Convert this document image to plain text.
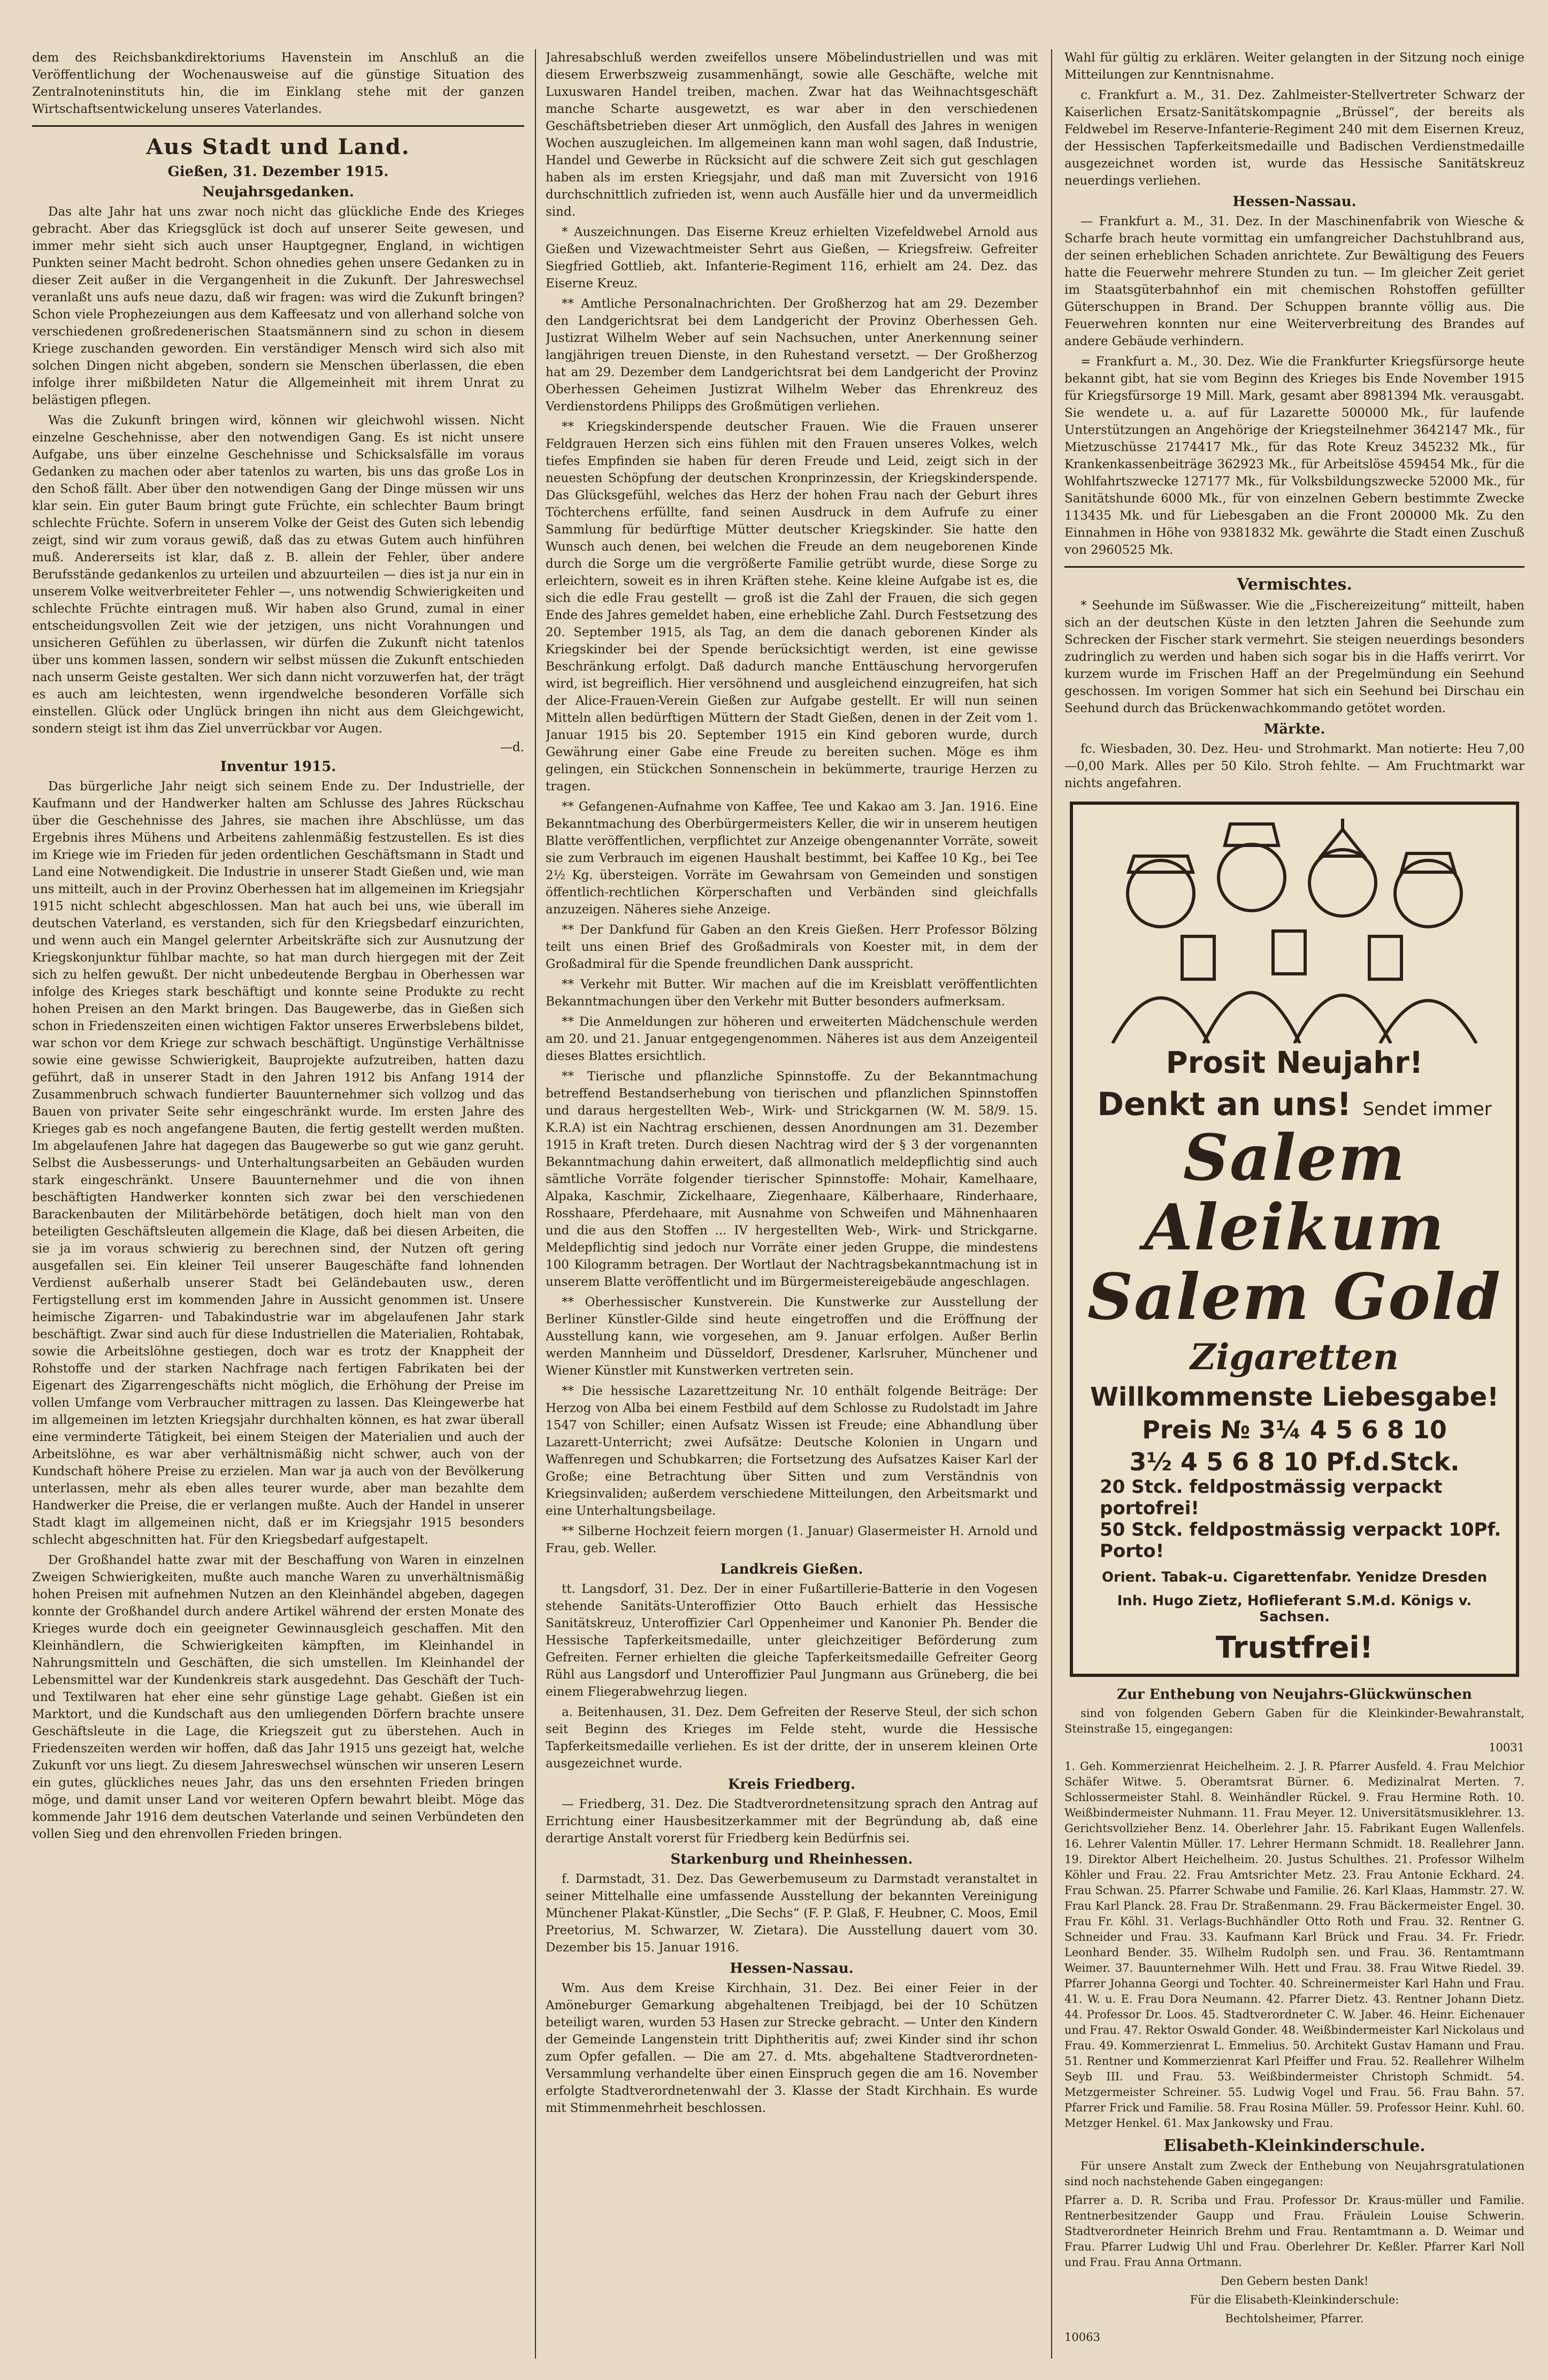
dem des Reichsbankdirektoriums Havenstein im Anschluß an die Veröffentlichung der Wochenausweise auf die günstige Situation des Zentralnoteninstituts hin, die im Einklang stehe mit der ganzen Wirtschaftsentwickelung unseres Vaterlandes.

Aus Stadt und Land.
Gießen, 31. Dezember 1915.
Neujahrsgedanken.

Das alte Jahr hat uns zwar noch nicht das glückliche Ende des Krieges gebracht. Aber das Kriegsglück ist doch auf unserer Seite gewesen, und immer mehr sieht sich auch unser Hauptgegner, England, in wichtigen Punkten seiner Macht bedroht. Schon ohnedies gehen unsere Gedanken zu in dieser Zeit außer in die Vergangenheit in die Zukunft. Der Jahreswechsel veranlaßt uns aufs neue dazu, daß wir fragen: was wird die Zukunft bringen? Schon viele Prophezeiungen aus dem Kaffeesatz und von allerhand solche von verschiedenen großredenerischen Staatsmännern sind zu schon in diesem Kriege zuschanden geworden. Ein verständiger Mensch wird sich also mit solchen Dingen nicht abgeben, sondern sie Menschen überlassen, die eben infolge ihrer mißbildeten Natur die Allgemeinheit mit ihrem Unrat zu belästigen pflegen.

Was die Zukunft bringen wird, können wir gleichwohl wissen. Nicht einzelne Geschehnisse, aber den notwendigen Gang. Es ist nicht unsere Aufgabe, uns über einzelne Geschehnisse und Schicksalsfälle im voraus Gedanken zu machen oder aber tatenlos zu warten, bis uns das große Los in den Schoß fällt. Aber über den notwendigen Gang der Dinge müssen wir uns klar sein. Ein guter Baum bringt gute Früchte, ein schlechter Baum bringt schlechte Früchte. Sofern in unserem Volke der Geist des Guten sich lebendig zeigt, sind wir zum voraus gewiß, daß das zu etwas Gutem auch hinführen muß. Andererseits ist klar, daß z. B. allein der Fehler, über andere Berufsstände gedankenlos zu urteilen und abzuurteilen — dies ist ja nur ein in unserem Volke weitverbreiteter Fehler —, uns notwendig Schwierigkeiten und schlechte Früchte eintragen muß. Wir haben also Grund, zumal in einer entscheidungsvollen Zeit wie der jetzigen, uns nicht Vorahnungen und unsicheren Gefühlen zu überlassen, wir dürfen die Zukunft nicht tatenlos über uns kommen lassen, sondern wir selbst müssen die Zukunft entschieden nach unserm Geiste gestalten. Wer sich dann nicht vorzuwerfen hat, der trägt es auch am leichtesten, wenn irgendwelche besonderen Vorfälle sich einstellen. Glück oder Unglück bringen ihn nicht aus dem Gleichgewicht, sondern steigt ist ihm das Ziel unverrückbar vor Augen.

—d.
Inventur 1915.

Das bürgerliche Jahr neigt sich seinem Ende zu. Der Industrielle, der Kaufmann und der Handwerker halten am Schlusse des Jahres Rückschau über die Geschehnisse des Jahres, sie machen ihre Abschlüsse, um das Ergebnis ihres Mühens und Arbeitens zahlenmäßig festzustellen. Es ist dies im Kriege wie im Frieden für jeden ordentlichen Geschäftsmann in Stadt und Land eine Notwendigkeit. Die Industrie in unserer Stadt Gießen und, wie man uns mitteilt, auch in der Provinz Oberhessen hat im allgemeinen im Kriegsjahr 1915 nicht schlecht abgeschlossen. Man hat auch bei uns, wie überall im deutschen Vaterland, es verstanden, sich für den Kriegsbedarf einzurichten, und wenn auch ein Mangel gelernter Arbeitskräfte sich zur Ausnutzung der Kriegskonjunktur fühlbar machte, so hat man durch hiergegen mit der Zeit sich zu helfen gewußt. Der nicht unbedeutende Bergbau in Oberhessen war infolge des Krieges stark beschäftigt und konnte seine Produkte zu recht hohen Preisen an den Markt bringen. Das Baugewerbe, das in Gießen sich schon in Friedenszeiten einen wichtigen Faktor unseres Erwerbslebens bildet, war schon vor dem Kriege zur schwach beschäftigt. Ungünstige Verhältnisse sowie eine gewisse Schwierigkeit, Bauprojekte aufzutreiben, hatten dazu geführt, daß in unserer Stadt in den Jahren 1912 bis Anfang 1914 der Zusammenbruch schwach fundierter Bauunternehmer sich vollzog und das Bauen von privater Seite sehr eingeschränkt wurde. Im ersten Jahre des Krieges gab es noch angefangene Bauten, die fertig gestellt werden mußten. Im abgelaufenen Jahre hat dagegen das Baugewerbe so gut wie ganz geruht. Selbst die Ausbesserungs- und Unterhaltungsarbeiten an Gebäuden wurden stark eingeschränkt. Unsere Bauunternehmer und die von ihnen beschäftigten Handwerker konnten sich zwar bei den verschiedenen Barackenbauten der Militärbehörde betätigen, doch hielt man von den beteiligten Geschäftsleuten allgemein die Klage, daß bei diesen Arbeiten, die sie ja im voraus schwierig zu berechnen sind, der Nutzen oft gering ausgefallen sei. Ein kleiner Teil unserer Baugeschäfte fand lohnenden Verdienst außerhalb unserer Stadt bei Geländebauten usw., deren Fertigstellung erst im kommenden Jahre in Aussicht genommen ist. Unsere heimische Zigarren- und Tabakindustrie war im abgelaufenen Jahr stark beschäftigt. Zwar sind auch für diese Industriellen die Materialien, Rohtabak, sowie die Arbeitslöhne gestiegen, doch war es trotz der Knappheit der Rohstoffe und der starken Nachfrage nach fertigen Fabrikaten bei der Eigenart des Zigarrengeschäfts nicht möglich, die Erhöhung der Preise im vollen Umfange vom Verbraucher mittragen zu lassen. Das Kleingewerbe hat im allgemeinen im letzten Kriegsjahr durchhalten können, es hat zwar überall eine verminderte Tätigkeit, bei einem Steigen der Materialien und auch der Arbeitslöhne, es war aber verhältnismäßig nicht schwer, auch von der Kundschaft höhere Preise zu erzielen. Man war ja auch von der Bevölkerung unterlassen, mehr als eben alles teurer wurde, aber man bezahlte dem Handwerker die Preise, die er verlangen mußte. Auch der Handel in unserer Stadt klagt im allgemeinen nicht, daß er im Kriegsjahr 1915 besonders schlecht abgeschnitten hat. Für den Kriegsbedarf aufgestapelt.

Der Großhandel hatte zwar mit der Beschaffung von Waren in einzelnen Zweigen Schwierigkeiten, mußte auch manche Waren zu unverhältnismäßig hohen Preisen mit aufnehmen Nutzen an den Kleinhändel abgeben, dagegen konnte der Großhandel durch andere Artikel während der ersten Monate des Krieges wurde doch ein geeigneter Gewinnausgleich geschaffen. Mit den Kleinhändlern, die Schwierigkeiten kämpften, im Kleinhandel in Nahrungsmitteln und Geschäften, die sich umstellen. Im Kleinhandel der Lebensmittel war der Kundenkreis stark ausgedehnt. Das Geschäft der Tuch- und Textilwaren hat eher eine sehr günstige Lage gehabt. Gießen ist ein Marktort, und die Kundschaft aus den umliegenden Dörfern brachte unsere Geschäftsleute in die Lage, die Kriegszeit gut zu überstehen. Auch in Friedenszeiten werden wir hoffen, daß das Jahr 1915 uns gezeigt hat, welche Zukunft vor uns liegt. Zu diesem Jahreswechsel wünschen wir unseren Lesern ein gutes, glückliches neues Jahr, das uns den ersehnten Frieden bringen möge, und damit unser Land vor weiteren Opfern bewahrt bleibt. Möge das kommende Jahr 1916 dem deutschen Vaterlande und seinen Verbündeten den vollen Sieg und den ehrenvollen Frieden bringen.

Jahresabschluß werden zweifellos unsere Möbelindustriellen und was mit diesem Erwerbszweig zusammenhängt, sowie alle Geschäfte, welche mit Luxuswaren Handel treiben, machen. Zwar hat das Weihnachtsgeschäft manche Scharte ausgewetzt, es war aber in den verschiedenen Geschäftsbetrieben dieser Art unmöglich, den Ausfall des Jahres in wenigen Wochen auszugleichen. Im allgemeinen kann man wohl sagen, daß Industrie, Handel und Gewerbe in Rücksicht auf die schwere Zeit sich gut geschlagen haben als im ersten Kriegsjahr, und daß man mit Zuversicht von 1916 durchschnittlich zufrieden ist, wenn auch Ausfälle hier und da unvermeidlich sind.

* Auszeichnungen. Das Eiserne Kreuz erhielten Vizefeldwebel Arnold aus Gießen und Vizewachtmeister Sehrt aus Gießen, — Kriegsfreiw. Gefreiter Siegfried Gottlieb, akt. Infanterie-Regiment 116, erhielt am 24. Dez. das Eiserne Kreuz.

** Amtliche Personalnachrichten. Der Großherzog hat am 29. Dezember den Landgerichtsrat bei dem Landgericht der Provinz Oberhessen Geh. Justizrat Wilhelm Weber auf sein Nachsuchen, unter Anerkennung seiner langjährigen treuen Dienste, in den Ruhestand versetzt. — Der Großherzog hat am 29. Dezember dem Landgerichtsrat bei dem Landgericht der Provinz Oberhessen Geheimen Justizrat Wilhelm Weber das Ehrenkreuz des Verdienstordens Philipps des Großmütigen verliehen.

** Kriegskinderspende deutscher Frauen. Wie die Frauen unserer Feldgrauen Herzen sich eins fühlen mit den Frauen unseres Volkes, welch tiefes Empfinden sie haben für deren Freude und Leid, zeigt sich in der neuesten Schöpfung der deutschen Kronprinzessin, der Kriegskinderspende. Das Glücksgefühl, welches das Herz der hohen Frau nach der Geburt ihres Töchterchens erfüllte, fand seinen Ausdruck in dem Aufrufe zu einer Sammlung für bedürftige Mütter deutscher Kriegskinder. Sie hatte den Wunsch auch denen, bei welchen die Freude an dem neugeborenen Kinde durch die Sorge um die vergrößerte Familie getrübt wurde, diese Sorge zu erleichtern, soweit es in ihren Kräften stehe. Keine kleine Aufgabe ist es, die sich die edle Frau gestellt — groß ist die Zahl der Frauen, die sich gegen Ende des Jahres gemeldet haben, eine erhebliche Zahl. Durch Festsetzung des 20. September 1915, als Tag, an dem die danach geborenen Kinder als Kriegskinder bei der Spende berücksichtigt werden, ist eine gewisse Beschränkung erfolgt. Daß dadurch manche Enttäuschung hervorgerufen wird, ist begreiflich. Hier versöhnend und ausgleichend einzugreifen, hat sich der Alice-Frauen-Verein Gießen zur Aufgabe gestellt. Er will nun seinen Mitteln allen bedürftigen Müttern der Stadt Gießen, denen in der Zeit vom 1. Januar 1915 bis 20. September 1915 ein Kind geboren wurde, durch Gewährung einer Gabe eine Freude zu bereiten suchen. Möge es ihm gelingen, ein Stückchen Sonnenschein in bekümmerte, traurige Herzen zu tragen.

** Gefangenen-Aufnahme von Kaffee, Tee und Kakao am 3. Jan. 1916. Eine Bekanntmachung des Oberbürgermeisters Keller, die wir in unserem heutigen Blatte veröffentlichen, verpflichtet zur Anzeige obengenannter Vorräte, soweit sie zum Verbrauch im eigenen Haushalt bestimmt, bei Kaffee 10 Kg., bei Tee 2½ Kg. übersteigen. Vorräte im Gewahrsam von Gemeinden und sonstigen öffentlich-rechtlichen Körperschaften und Verbänden sind gleichfalls anzuzeigen. Näheres siehe Anzeige.

** Der Dankfund für Gaben an den Kreis Gießen. Herr Professor Bölzing teilt uns einen Brief des Großadmirals von Koester mit, in dem der Großadmiral für die Spende freundlichen Dank ausspricht.

** Verkehr mit Butter. Wir machen auf die im Kreisblatt veröffentlichten Bekanntmachungen über den Verkehr mit Butter besonders aufmerksam.

** Die Anmeldungen zur höheren und erweiterten Mädchenschule werden am 20. und 21. Januar entgegengenommen. Näheres ist aus dem Anzeigenteil dieses Blattes ersichtlich.

** Tierische und pflanzliche Spinnstoffe. Zu der Bekanntmachung betreffend Bestandserhebung von tierischen und pflanzlichen Spinnstoffen und daraus hergestellten Web-, Wirk- und Strickgarnen (W. M. 58/9. 15. K.R.A) ist ein Nachtrag erschienen, dessen Anordnungen am 31. Dezember 1915 in Kraft treten. Durch diesen Nachtrag wird der § 3 der vorgenannten Bekanntmachung dahin erweitert, daß allmonatlich meldepflichtig sind auch sämtliche Vorräte folgender tierischer Spinnstoffe: Mohair, Kamelhaare, Alpaka, Kaschmir, Zickelhaare, Ziegenhaare, Kälberhaare, Rinderhaare, Rosshaare, Pferdehaare, mit Ausnahme von Schweifen und Mähnenhaaren und die aus den Stoffen ... IV hergestellten Web-, Wirk- und Strickgarne. Meldepflichtig sind jedoch nur Vorräte einer jeden Gruppe, die mindestens 100 Kilogramm betragen. Der Wortlaut der Nachtragsbekanntmachung ist in unserem Blatte veröffentlicht und im Bürgermeistereigebäude angeschlagen.

** Oberhessischer Kunstverein. Die Kunstwerke zur Ausstellung der Berliner Künstler-Gilde sind heute eingetroffen und die Eröffnung der Ausstellung kann, wie vorgesehen, am 9. Januar erfolgen. Außer Berlin werden Mannheim und Düsseldorf, Dresdener, Karlsruher, Münchener und Wiener Künstler mit Kunstwerken vertreten sein.

** Die hessische Lazarettzeitung Nr. 10 enthält folgende Beiträge: Der Herzog von Alba bei einem Festbild auf dem Schlosse zu Rudolstadt im Jahre 1547 von Schiller; einen Aufsatz Wissen ist Freude; eine Abhandlung über Lazarett-Unterricht; zwei Aufsätze: Deutsche Kolonien in Ungarn und Waffenregen und Schubkarren; die Fortsetzung des Aufsatzes Kaiser Karl der Große; eine Betrachtung über Sitten und zum Verständnis von Kriegsinvaliden; außerdem verschiedene Mitteilungen, den Arbeitsmarkt und eine Unterhaltungsbeilage.

** Silberne Hochzeit feiern morgen (1. Januar) Glasermeister H. Arnold und Frau, geb. Weller.

Landkreis Gießen.

tt. Langsdorf, 31. Dez. Der in einer Fußartillerie-Batterie in den Vogesen stehende Sanitäts-Unteroffizier Otto Bauch erhielt das Hessische Sanitätskreuz, Unteroffizier Carl Oppenheimer und Kanonier Ph. Bender die Hessische Tapferkeitsmedaille, unter gleichzeitiger Beförderung zum Gefreiten. Ferner erhielten die gleiche Tapferkeitsmedaille Gefreiter Georg Rühl aus Langsdorf und Unteroffizier Paul Jungmann aus Grüneberg, die bei einem Fliegerabwehrzug liegen.

a. Beitenhausen, 31. Dez. Dem Gefreiten der Reserve Steul, der sich schon seit Beginn des Krieges im Felde steht, wurde die Hessische Tapferkeitsmedaille verliehen. Es ist der dritte, der in unserem kleinen Orte ausgezeichnet wurde.

Kreis Friedberg.

— Friedberg, 31. Dez. Die Stadtverordnetensitzung sprach den Antrag auf Errichtung einer Hausbesitzerkammer mit der Begründung ab, daß eine derartige Anstalt vorerst für Friedberg kein Bedürfnis sei.

Starkenburg und Rheinhessen.

f. Darmstadt, 31. Dez. Das Gewerbemuseum zu Darmstadt veranstaltet in seiner Mittelhalle eine umfassende Ausstellung der bekannten Vereinigung Münchener Plakat-Künstler, „Die Sechs“ (F. P. Glaß, F. Heubner, C. Moos, Emil Preetorius, M. Schwarzer, W. Zietara). Die Ausstellung dauert vom 30. Dezember bis 15. Januar 1916.

Hessen-Nassau.

Wm. Aus dem Kreise Kirchhain, 31. Dez. Bei einer Feier in der Amöneburger Gemarkung abgehaltenen Treibjagd, bei der 10 Schützen beteiligt waren, wurden 53 Hasen zur Strecke gebracht. — Unter den Kindern der Gemeinde Langenstein tritt Diphtheritis auf; zwei Kinder sind ihr schon zum Opfer gefallen. — Die am 27. d. Mts. abgehaltene Stadtverordneten-Versammlung verhandelte über einen Einspruch gegen die am 16. November erfolgte Stadtverordnetenwahl der 3. Klasse der Stadt Kirchhain. Es wurde mit Stimmenmehrheit beschlossen.

Wahl für gültig zu erklären. Weiter gelangten in der Sitzung noch einige Mitteilungen zur Kenntnisnahme.

c. Frankfurt a. M., 31. Dez. Zahlmeister-Stellvertreter Schwarz der Kaiserlichen Ersatz-Sanitätskompagnie „Brüssel“, der bereits als Feldwebel im Reserve-Infanterie-Regiment 240 mit dem Eisernen Kreuz, der Hessischen Tapferkeitsmedaille und Badischen Verdienstmedaille ausgezeichnet worden ist, wurde das Hessische Sanitätskreuz neuerdings verliehen.

Hessen-Nassau.

— Frankfurt a. M., 31. Dez. In der Maschinenfabrik von Wiesche & Scharfe brach heute vormittag ein umfangreicher Dachstuhlbrand aus, der seinen erheblichen Schaden anrichtete. Zur Bewältigung des Feuers hatte die Feuerwehr mehrere Stunden zu tun. — Im gleicher Zeit geriet im Staatsgüterbahnhof ein mit chemischen Rohstoffen gefüllter Güterschuppen in Brand. Der Schuppen brannte völlig aus. Die Feuerwehren konnten nur eine Weiterverbreitung des Brandes auf andere Gebäude verhindern.

= Frankfurt a. M., 30. Dez. Wie die Frankfurter Kriegsfürsorge heute bekannt gibt, hat sie vom Beginn des Krieges bis Ende November 1915 für Kriegsfürsorge 19 Mill. Mark, gesamt aber 8981394 Mk. verausgabt. Sie wendete u. a. auf für Lazarette 500000 Mk., für laufende Unterstützungen an Angehörige der Kriegsteilnehmer 3642147 Mk., für Mietzuschüsse 2174417 Mk., für das Rote Kreuz 345232 Mk., für Krankenkassenbeiträge 362923 Mk., für Arbeitslöse 459454 Mk., für die Wohlfahrtszwecke 127177 Mk., für Volksbildungszwecke 52000 Mk., für Sanitätshunde 6000 Mk., für von einzelnen Gebern bestimmte Zwecke 113435 Mk. und für Liebesgaben an die Front 200000 Mk. Zu den Einnahmen in Höhe von 9381832 Mk. gewährte die Stadt einen Zuschuß von 2960525 Mk.

Vermischtes.

* Seehunde im Süßwasser. Wie die „Fischereizeitung“ mitteilt, haben sich an der deutschen Küste in den letzten Jahren die Seehunde zum Schrecken der Fischer stark vermehrt. Sie steigen neuerdings besonders zudringlich zu werden und haben sich sogar bis in die Haffs verirrt. Vor kurzem wurde im Frischen Haff an der Pregelmündung ein Seehund geschossen. Im vorigen Sommer hat sich ein Seehund bei Dirschau ein Seehund durch das Brückenwachkommando getötet worden.

Märkte.

fc. Wiesbaden, 30. Dez. Heu- und Strohmarkt. Man notierte: Heu 7,00—0,00 Mark. Alles per 50 Kilo. Stroh fehlte. — Am Fruchtmarkt war nichts angefahren.

Prosit Neujahr!
Denkt an uns! Sendet immer
Salem Aleikum
Salem Gold
Zigaretten
Willkommenste Liebesgabe!
Preis № 3¼ 4 5 6 8 10
3½ 4 5 6 8 10 Pf.d.Stck.
20 Stck. feldpostmässig verpackt portofrei!
50 Stck. feldpostmässig verpackt 10Pf. Porto!
Orient. Tabak-u. Cigarettenfabr. Yenidze Dresden
Inh. Hugo Zietz, Hoflieferant S.M.d. Königs v. Sachsen.
Trustfrei!
Zur Enthebung von Neujahrs-Glückwünschen

sind von folgenden Gebern Gaben für die Kleinkinder-Bewahranstalt, Steinstraße 15, eingegangen:

10031

1. Geh. Kommerzienrat Heichelheim. 2. J. R. Pfarrer Ausfeld. 4. Frau Melchior Schäfer Witwe. 5. Oberamtsrat Bürner. 6. Medizinalrat Merten. 7. Schlossermeister Stahl. 8. Weinhändler Rückel. 9. Frau Hermine Roth. 10. Weißbindermeister Nuhmann. 11. Frau Meyer. 12. Universitätsmusiklehrer. 13. Gerichtsvollzieher Benz. 14. Oberlehrer Jahr. 15. Fabrikant Eugen Wallenfels. 16. Lehrer Valentin Müller. 17. Lehrer Hermann Schmidt. 18. Reallehrer Jann. 19. Direktor Albert Heichelheim. 20. Justus Schulthes. 21. Professor Wilhelm Köhler und Frau. 22. Frau Amtsrichter Metz. 23. Frau Antonie Eckhard. 24. Frau Schwan. 25. Pfarrer Schwabe und Familie. 26. Karl Klaas, Hammstr. 27. W. Frau Karl Planck. 28. Frau Dr. Straßenmann. 29. Frau Bäckermeister Engel. 30. Frau Fr. Köhl. 31. Verlags-Buchhändler Otto Roth und Frau. 32. Rentner G. Schneider und Frau. 33. Kaufmann Karl Brück und Frau. 34. Fr. Friedr. Leonhard Bender. 35. Wilhelm Rudolph sen. und Frau. 36. Rentamtmann Weimer. 37. Bauunternehmer Wilh. Hett und Frau. 38. Frau Witwe Riedel. 39. Pfarrer Johanna Georgi und Tochter. 40. Schreinermeister Karl Hahn und Frau. 41. W. u. E. Frau Dora Neumann. 42. Pfarrer Dietz. 43. Rentner Johann Dietz. 44. Professor Dr. Loos. 45. Stadtverordneter C. W. Jaber. 46. Heinr. Eichenauer und Frau. 47. Rektor Oswald Gonder. 48. Weißbindermeister Karl Nickolaus und Frau. 49. Kommerzienrat L. Emmelius. 50. Architekt Gustav Hamann und Frau. 51. Rentner und Kommerzienrat Karl Pfeiffer und Frau. 52. Reallehrer Wilhelm Seyb III. und Frau. 53. Weißbindermeister Christoph Schmidt. 54. Metzgermeister Schreiner. 55. Ludwig Vogel und Frau. 56. Frau Bahn. 57. Pfarrer Frick und Familie. 58. Frau Rosina Müller. 59. Professor Heinr. Kuhl. 60. Metzger Henkel. 61. Max Jankowsky und Frau.

Elisabeth-Kleinkinderschule.

Für unsere Anstalt zum Zweck der Enthebung von Neujahrsgratulationen sind noch nachstehende Gaben eingegangen:

Pfarrer a. D. R. Scriba und Frau. Professor Dr. Kraus-müller und Familie. Rentnerbesitzender Gaupp und Frau. Fräulein Louise Schwerin. Stadtverordneter Heinrich Brehm und Frau. Rentamtmann a. D. Weimar und Frau. Pfarrer Ludwig Uhl und Frau. Oberlehrer Dr. Keßler. Pfarrer Karl Noll und Frau. Frau Anna Ortmann.

Den Gebern besten Dank!

Für die Elisabeth-Kleinkinderschule:

Bechtolsheimer, Pfarrer.

10063
